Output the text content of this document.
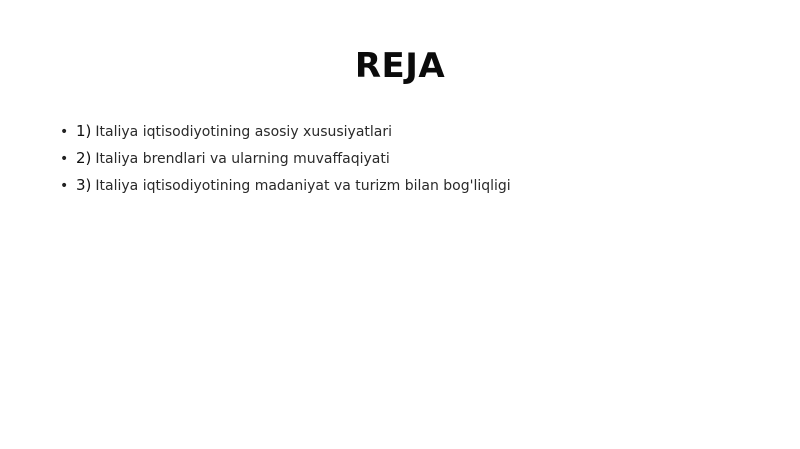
REJA
• 1) Italiya iqtisodiyotining asosiy xususiyatlari
• 2) Italiya brendlari va ularning muvaffaqiyati
• 3) Italiya iqtisodiyotining madaniyat va turizm bilan bog'liqligi
